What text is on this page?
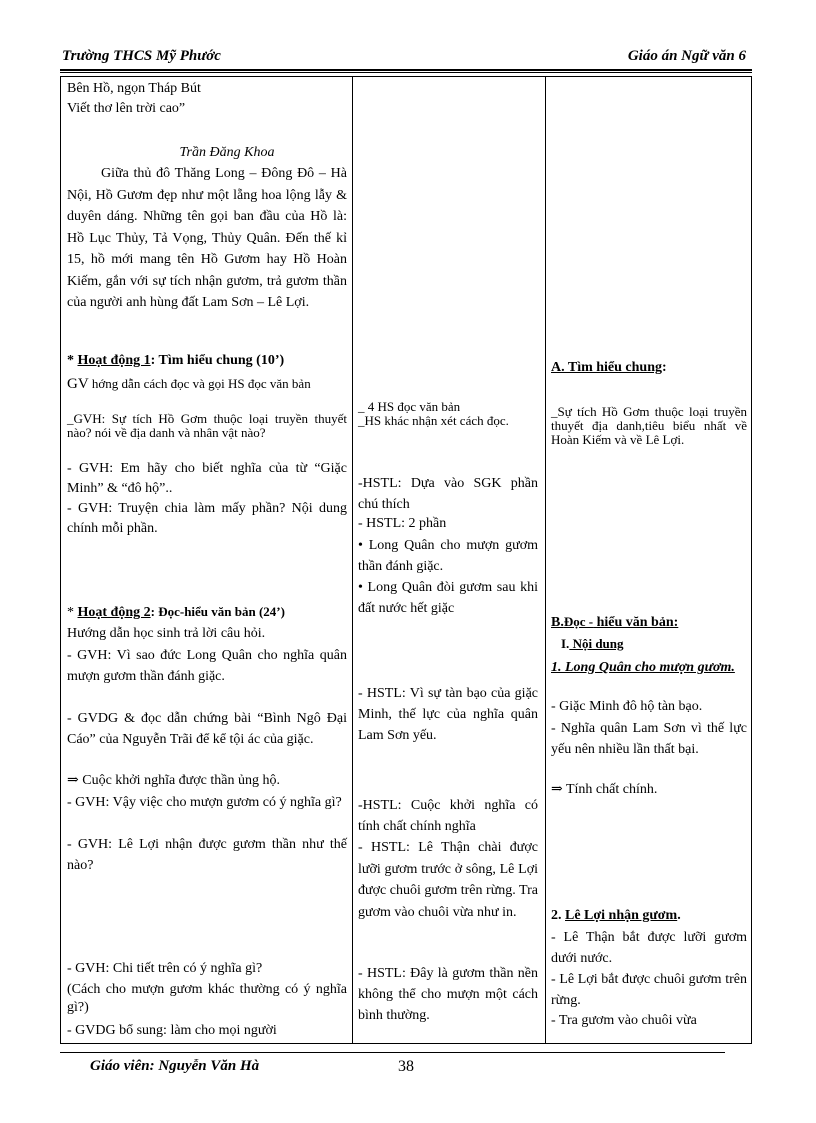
Trường THCS Mỹ Phước	Giáo án Ngữ văn 6

Bên Hồ, ngọn Tháp Bút

Viết thơ lên trời cao”

Trần Đăng Khoa

Giữa thủ đô Thăng Long – Đông Đô – Hà Nội, Hồ Gươm đẹp như một lẵng hoa lộng lẫy & duyên dáng. Những tên gọi ban đầu của Hồ là: Hồ Lục Thủy, Tả Vọng, Thủy Quân. Đến thế kỉ 15, hồ mới mang tên Hồ Gươm hay Hồ Hoàn Kiếm, gắn với sự tích nhận gươm, trả gươm thần của người anh hùng đất Lam Sơn – Lê Lợi.

* Hoạt động 1: Tìm hiểu chung (10’)

GV hớng dẫn cách đọc và gọi HS đọc văn bản

_GVH: Sự tích Hồ Gơm thuộc loại truyền thuyết nào? nói về địa danh và nhân vật nào?

- GVH: Em hãy cho biết nghĩa của từ “Giặc Minh” & “đô hộ”..

- GVH: Truyện chia làm mấy phần? Nội dung chính mỗi phần.

* Hoạt động 2: Đọc-hiểu văn bản (24’)

Hướng dẫn học sinh trả lời câu hỏi.

- GVH: Vì sao đức Long Quân cho nghĩa quân mượn gươm thần đánh giặc.

- GVDG & đọc dẫn chứng bài “Bình Ngô Đại Cáo” của Nguyễn Trãi để kể tội ác của giặc.

⇒ Cuộc khởi nghĩa được thần ủng hộ.

- GVH: Vậy việc cho mượn gươm có ý nghĩa gì?

- GVH: Lê Lợi nhận được gươm thần như thế nào?

- GVH: Chi tiết trên có ý nghĩa gì?

(Cách cho mượn gươm khác thường có ý nghĩa gì?)

- GVDG bổ sung: làm cho mọi người

_ 4 HS đọc văn bản

_HS khác nhận xét cách đọc.

-HSTL: Dựa vào SGK phần chú thích

- HSTL: 2 phần

• Long Quân cho mượn gươm thần đánh giặc.

• Long Quân đòi gươm sau khi đất nước hết giặc

- HSTL: Vì sự tàn bạo của giặc Minh, thế lực của nghĩa quân Lam Sơn yếu.

-HSTL: Cuộc khởi nghĩa có tính chất chính nghĩa

- HSTL: Lê Thận chài được lưỡi gươm trước ở sông, Lê Lợi được chuôi gươm trên rừng. Tra gươm vào chuôi vừa như in.

- HSTL: Đây là gươm thần nền không thể cho mượn một cách bình thường.

A. Tìm hiểu chung:

_Sự tích Hồ Gơm thuộc loại truyền thuyết địa danh,tiêu biểu nhất về Hoàn Kiếm và về Lê Lợi.

B.Đọc - hiểu văn bản:

I. Nội dung

1. Long Quân cho mượn gươm.

- Giặc Minh đô hộ tàn bạo.

- Nghĩa quân Lam Sơn vì thế lực yếu nên nhiều lần thất bại.

⇒ Tính chất chính.

2. Lê Lợi nhận gươm.

- Lê Thận bắt được lưỡi gươm dưới nước.

- Lê Lợi bắt được chuôi gươm trên rừng.

- Tra gươm vào chuôi vừa

Giáo viên: Nguyễn Văn Hà	38
